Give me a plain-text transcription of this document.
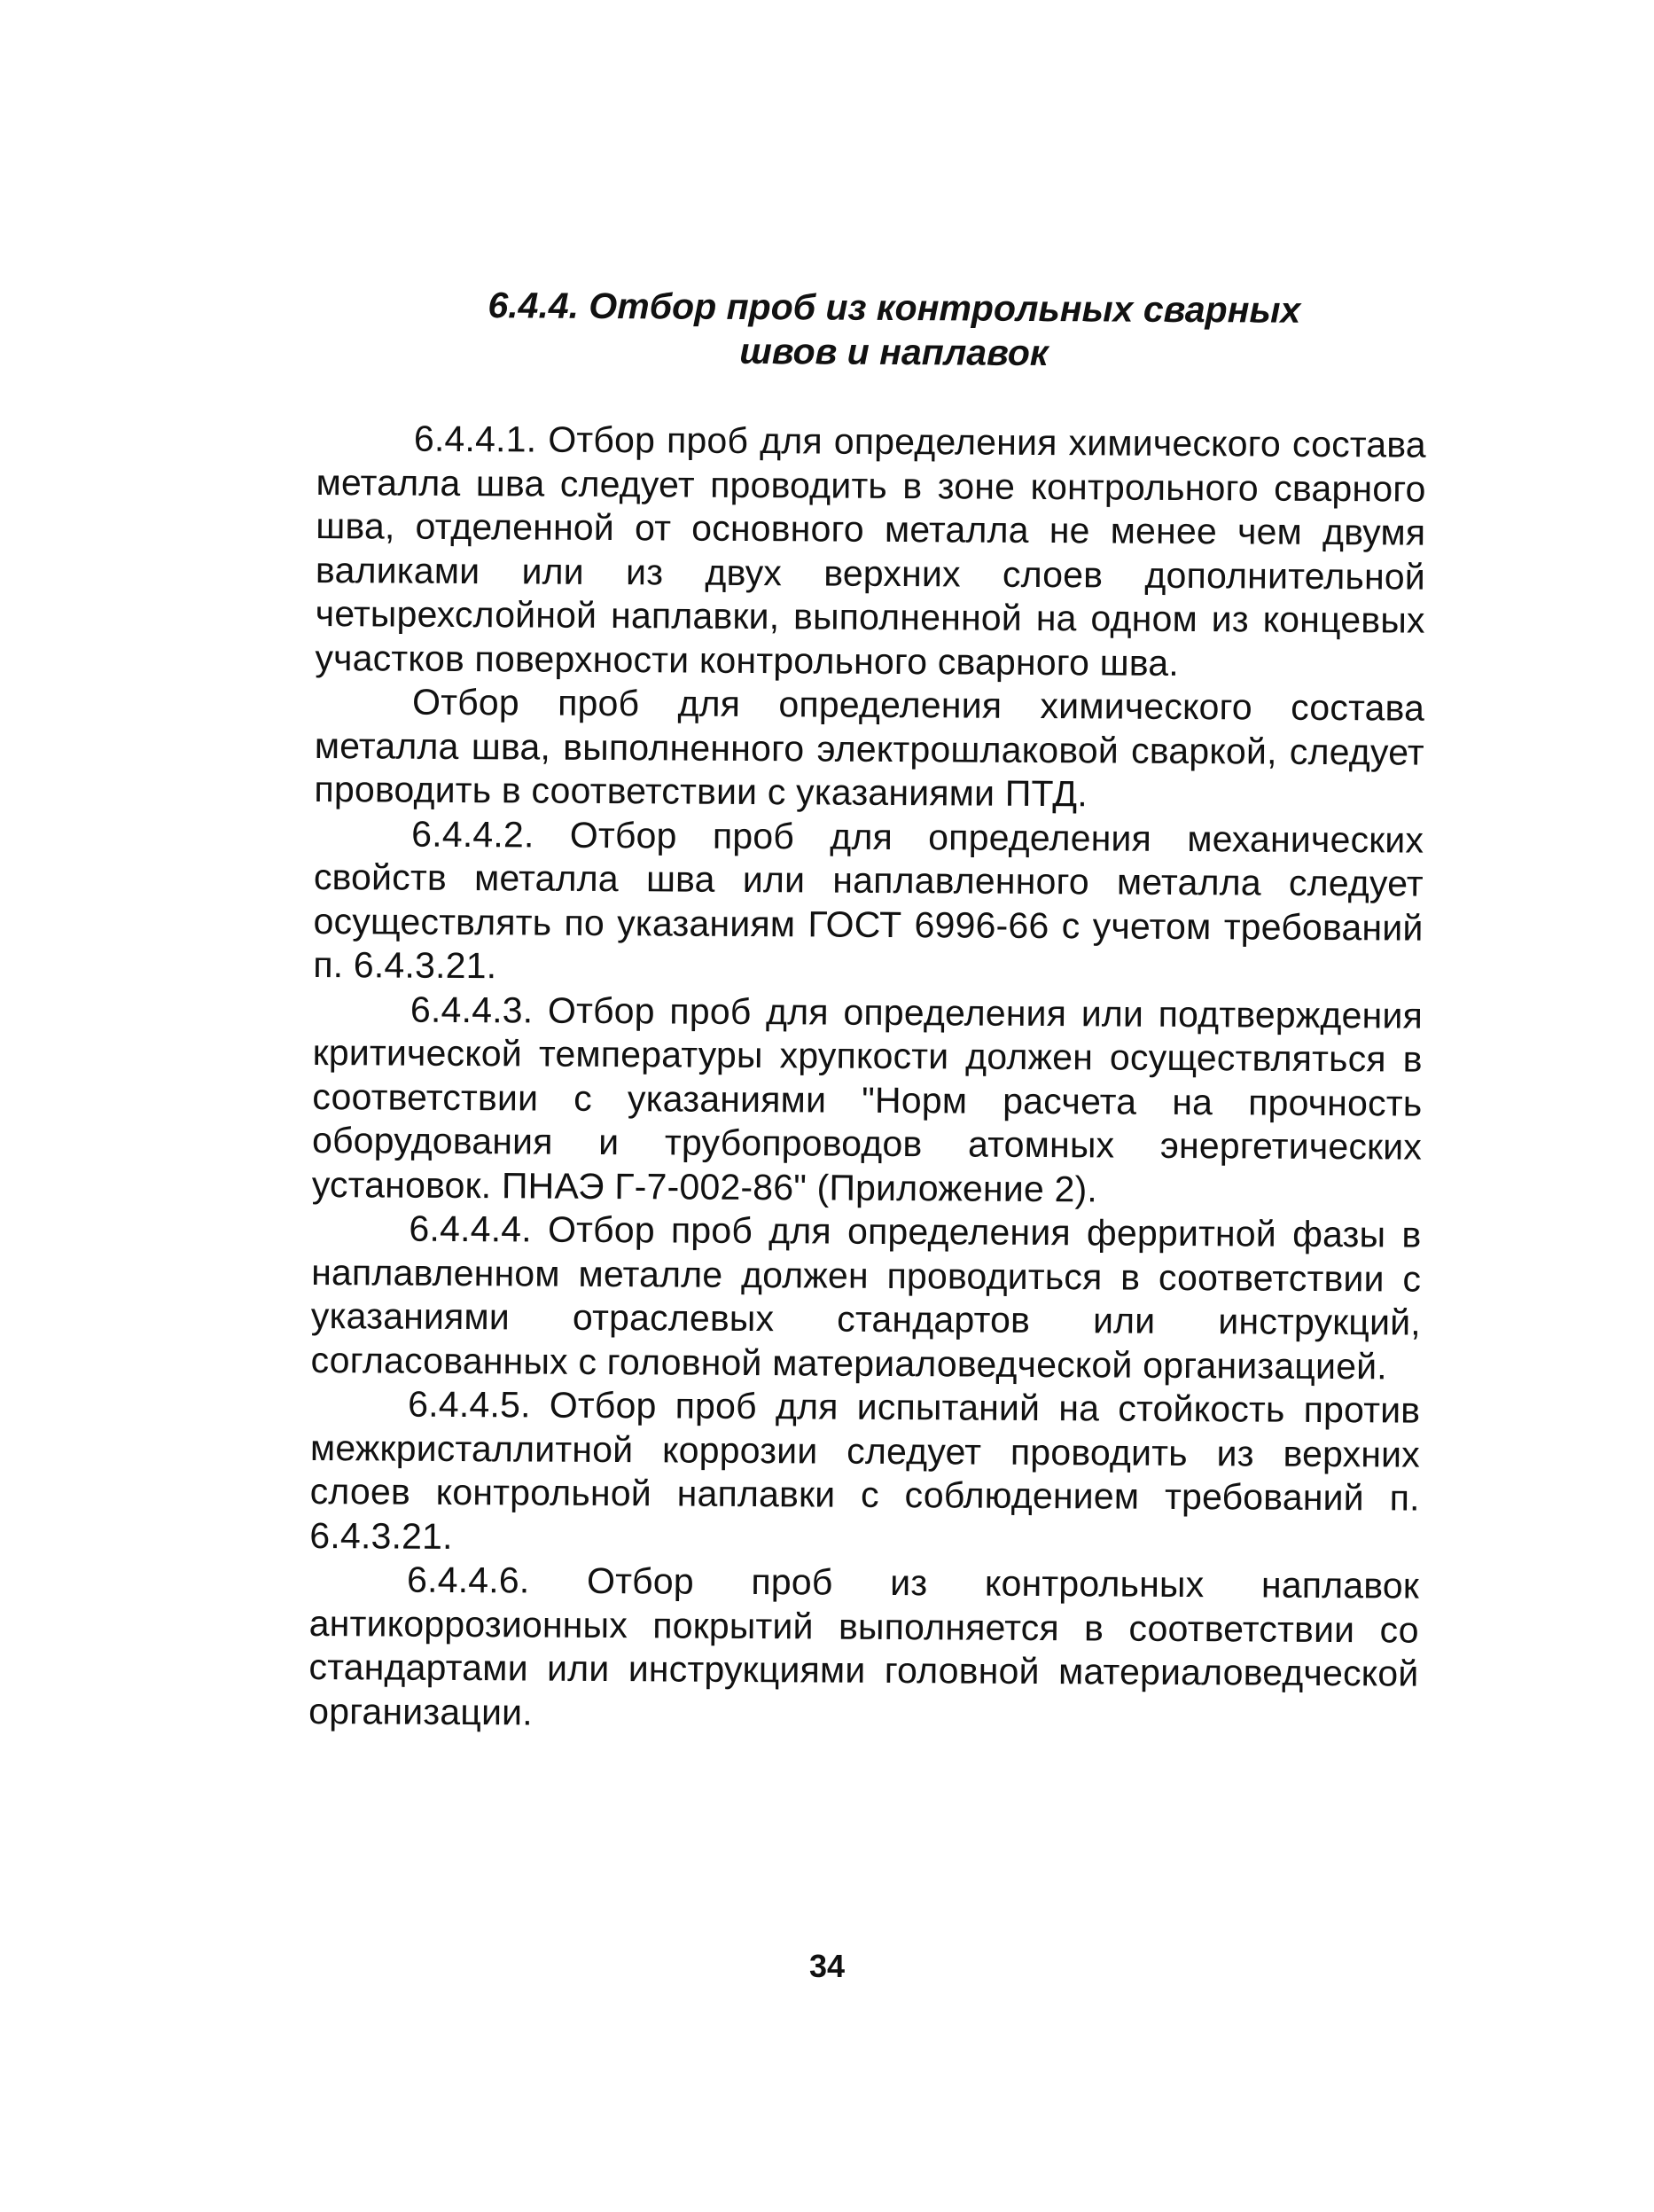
6.4.4. Отбор проб из контрольных сварных
швов и наплавок

6.4.4.1. Отбор проб для определения химического состава металла шва следует проводить в зоне контрольного сварного шва, отделенной от основного металла не менее чем двумя валиками или из двух верхних слоев дополнительной четырехслойной наплавки, выполненной на одном из концевых участков поверхности контрольного сварного шва.

Отбор проб для определения химического состава металла шва, выполненного электрошлаковой сваркой, следует проводить в соответствии с указаниями ПТД.

6.4.4.2. Отбор проб для определения механических свойств металла шва или наплавленного металла следует осуществлять по указаниям ГОСТ 6996-66 с учетом требований п. 6.4.3.21.

6.4.4.3. Отбор проб для определения или подтверждения критической температуры хрупкости должен осуществляться в соответствии с указаниями "Норм расчета на прочность оборудования и трубопроводов атомных энергетических установок. ПНАЭ Г-7-002-86" (Приложение 2).

6.4.4.4. Отбор проб для определения ферритной фазы в наплавленном металле должен проводиться в соответствии с указаниями отраслевых стандартов или инструкций, согласованных с головной материаловедческой организацией.

6.4.4.5. Отбор проб для испытаний на стойкость против межкристаллитной коррозии следует проводить из верхних слоев контрольной наплавки с соблюдением требований п. 6.4.3.21.

6.4.4.6. Отбор проб из контрольных наплавок антикоррозионных покрытий выполняется в соответствии со стандартами или инструкциями головной материаловедческой организации.

34
